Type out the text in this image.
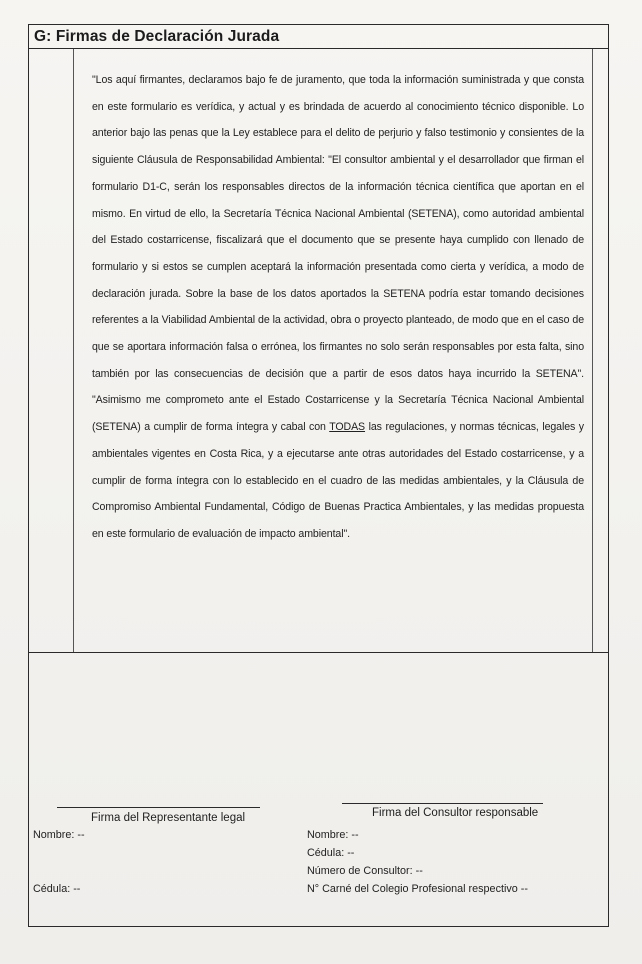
G: Firmas de Declaración Jurada

"Los aquí firmantes, declaramos bajo fe de juramento, que toda la información suministrada y que consta en este formulario es verídica, y actual y es brindada de acuerdo al conocimiento técnico disponible. Lo anterior bajo las penas que la Ley establece para el delito de perjurio y falso testimonio y consientes de la siguiente Cláusula de Responsabilidad Ambiental: "El consultor ambiental y el desarrollador que firman el formulario D1-C, serán los responsables directos de la información técnica científica que aportan en el mismo. En virtud de ello, la Secretaría Técnica Nacional Ambiental (SETENA), como autoridad ambiental del Estado costarricense, fiscalizará que el documento que se presente haya cumplido con llenado de formulario y si estos se cumplen aceptará la información presentada como cierta y verídica, a modo de declaración jurada. Sobre la base de los datos aportados la SETENA podría estar tomando decisiones referentes a la Viabilidad Ambiental de la actividad, obra o proyecto planteado, de modo que en el caso de que se aportara información falsa o errónea, los firmantes no solo serán responsables por esta falta, sino también por las consecuencias de decisión que a partir de esos datos haya incurrido la SETENA". "Asimismo me comprometo ante el Estado Costarricense y la Secretaría Técnica Nacional Ambiental (SETENA) a cumplir de forma íntegra y cabal con TODAS las regulaciones, y normas técnicas, legales y ambientales vigentes en Costa Rica, y a ejecutarse ante otras autoridades del Estado costarricense, y a cumplir de forma íntegra con lo establecido en el cuadro de las medidas ambientales, y la Cláusula de Compromiso Ambiental Fundamental, Código de Buenas Practica Ambientales, y las medidas propuesta en este formulario de evaluación de impacto ambiental".

Firma del Representante legal	Firma del Consultor responsable
Nombre: --
Cédula: --
Nombre: --
Cédula: --
Número de Consultor: --
N° Carné del Colegio Profesional respectivo --
